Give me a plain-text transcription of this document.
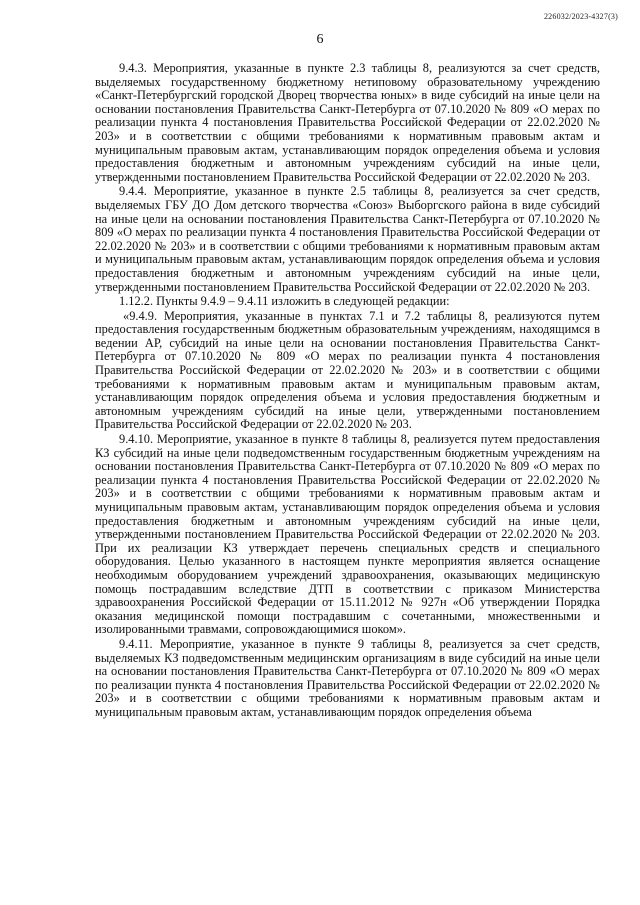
226032/2023-4327(3)
6

9.4.3. Мероприятия, указанные в пункте 2.3 таблицы 8, реализуются за счет средств, выделяемых государственному бюджетному нетиповому образовательному учреждению «Санкт-Петербургский городской Дворец творчества юных» в виде субсидий на иные цели на основании постановления Правительства Санкт-Петербурга от 07.10.2020 № 809 «О мерах по реализации пункта 4 постановления Правительства Российской Федерации от 22.02.2020 № 203» и в соответствии с общими требованиями к нормативным правовым актам и муниципальным правовым актам, устанавливающим порядок определения объема и условия предоставления бюджетным и автономным учреждениям субсидий на иные цели, утвержденными постановлением Правительства Российской Федерации от 22.02.2020 № 203.

9.4.4. Мероприятие, указанное в пункте 2.5 таблицы 8, реализуется за счет средств, выделяемых ГБУ ДО Дом детского творчества «Союз» Выборгского района в виде субсидий на иные цели на основании постановления Правительства Санкт-Петербурга от 07.10.2020 № 809 «О мерах по реализации пункта 4 постановления Правительства Российской Федерации от 22.02.2020 № 203» и в соответствии с общими требованиями к нормативным правовым актам и муниципальным правовым актам, устанавливающим порядок определения объема и условия предоставления бюджетным и автономным учреждениям субсидий на иные цели, утвержденными постановлением Правительства Российской Федерации от 22.02.2020 № 203.

1.12.2. Пункты 9.4.9 – 9.4.11 изложить в следующей редакции:

«9.4.9. Мероприятия, указанные в пунктах 7.1 и 7.2 таблицы 8, реализуются путем предоставления государственным бюджетным образовательным учреждениям, находящимся в ведении АР, субсидий на иные цели на основании постановления Правительства Санкт-Петербурга от 07.10.2020 № 809 «О мерах по реализации пункта 4 постановления Правительства Российской Федерации от 22.02.2020 № 203» и в соответствии с общими требованиями к нормативным правовым актам и муниципальным правовым актам, устанавливающим порядок определения объема и условия предоставления бюджетным и автономным учреждениям субсидий на иные цели, утвержденными постановлением Правительства Российской Федерации от 22.02.2020 № 203.

9.4.10. Мероприятие, указанное в пункте 8 таблицы 8, реализуется путем предоставления КЗ субсидий на иные цели подведомственным государственным бюджетным учреждениям на основании постановления Правительства Санкт-Петербурга от 07.10.2020 № 809 «О мерах по реализации пункта 4 постановления Правительства Российской Федерации от 22.02.2020 № 203» и в соответствии с общими требованиями к нормативным правовым актам и муниципальным правовым актам, устанавливающим порядок определения объема и условия предоставления бюджетным и автономным учреждениям субсидий на иные цели, утвержденными постановлением Правительства Российской Федерации от 22.02.2020 № 203. При их реализации КЗ утверждает перечень специальных средств и специального оборудования. Целью указанного в настоящем пункте мероприятия является оснащение необходимым оборудованием учреждений здравоохранения, оказывающих медицинскую помощь пострадавшим вследствие ДТП в соответствии с приказом Министерства здравоохранения Российской Федерации от 15.11.2012 № 927н «Об утверждении Порядка оказания медицинской помощи пострадавшим с сочетанными, множественными и изолированными травмами, сопровождающимися шоком».

9.4.11. Мероприятие, указанное в пункте 9 таблицы 8, реализуется за счет средств, выделяемых КЗ подведомственным медицинским организациям в виде субсидий на иные цели на основании постановления Правительства Санкт-Петербурга от 07.10.2020 № 809 «О мерах по реализации пункта 4 постановления Правительства Российской Федерации от 22.02.2020 № 203» и в соответствии с общими требованиями к нормативным правовым актам и муниципальным правовым актам, устанавливающим порядок определения объема
